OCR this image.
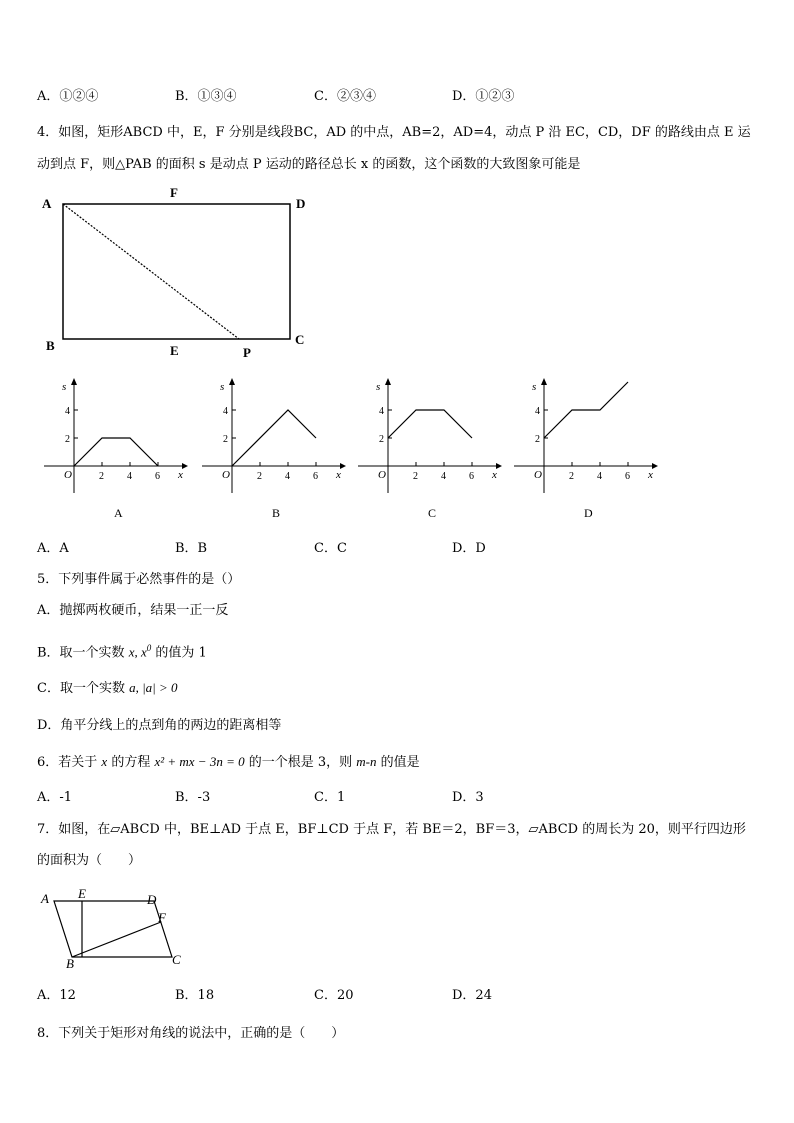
A．①②④	B．①③④	C．②③④	D．①②③
4．如图，矩形ABCD 中，E，F 分别是线段BC，AD 的中点，AB=2，AD=4，动点 P 沿 EC，CD，DF 的路线由点 E 运
动到点 F，则△PAB 的面积 s 是动点 P 运动的路径总长 x 的函数，这个函数的大致图象可能是
A
F
D
B	E	P
C
s
x
O
2
4
2 4 6
A
s
x
O
2
4
2 4 6
B
s
x
O
2
4
2 4 6
C
s
x
O
2
4
2 4 6
D
A．A	B．B	C．C	D．D
5．下列事件属于必然事件的是（）
A．抛掷两枚硬币，结果一正一反
B．取一个实数 x, $x^0$ 的值为 1
C．取一个实数 a, |a| > 0
D．角平分线上的点到角的两边的距离相等
6．若关于 x 的方程 x² + mx − 3n = 0 的一个根是 3，则 m-n 的值是
A．-1	B．-3	C．1	D．3
7．如图，在▱ABCD 中，BE⊥AD 于点 E，BF⊥CD 于点 F，若 BE＝2，BF＝3，▱ABCD 的周长为 20，则平行四边形
的面积为（　　）
A E	D
F
B	C
A．12	B．18	C．20	D．24
8．下列关于矩形对角线的说法中，正确的是（　　）
